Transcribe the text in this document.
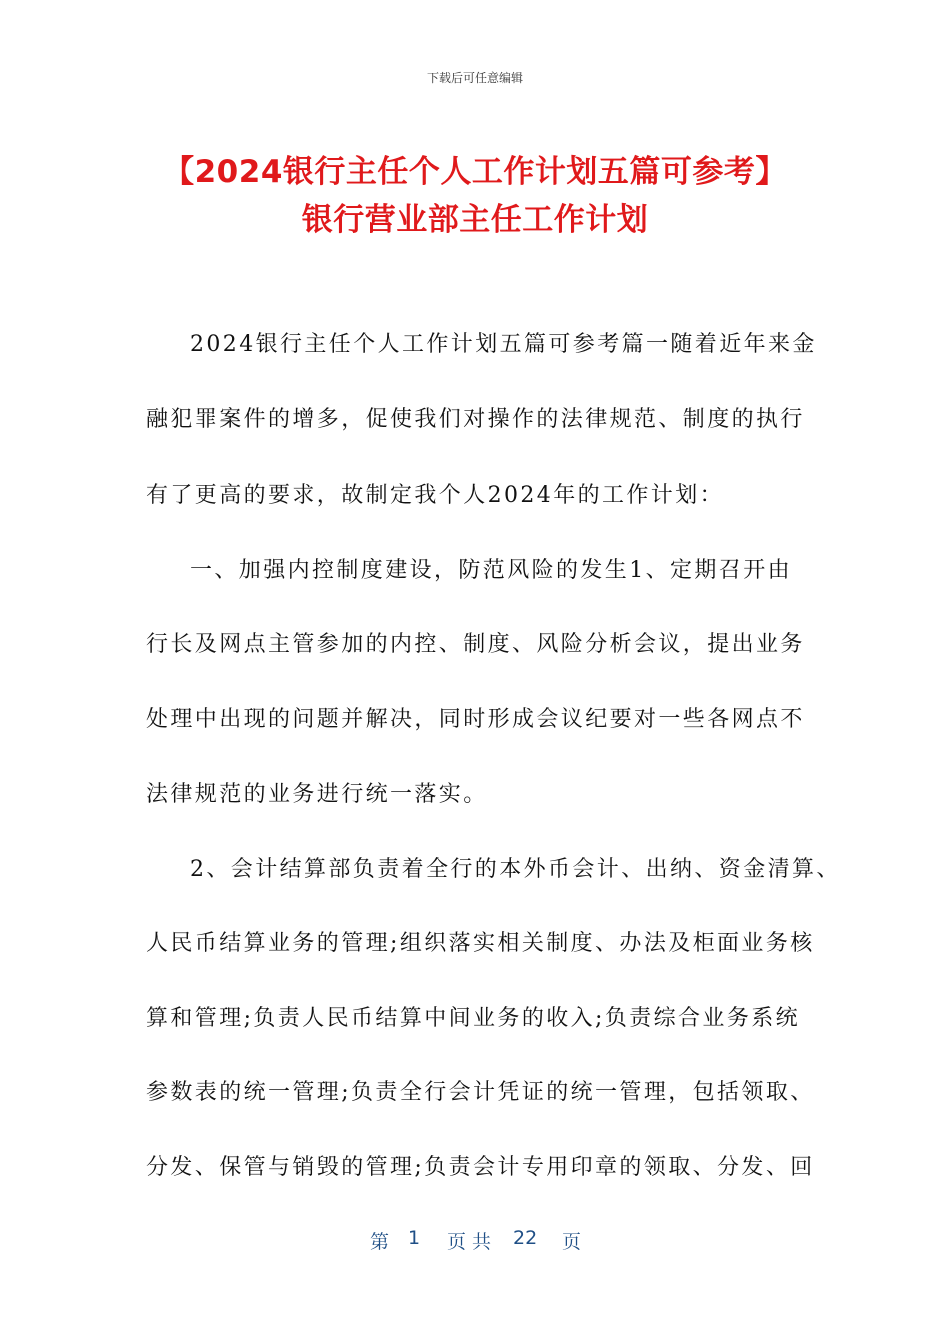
下载后可任意编辑
【2024银行主任个人工作计划五篇可参考】
银行营业部主任工作计划
2024银行主任个人工作计划五篇可参考篇一随着近年来金
融犯罪案件的增多，促使我们对操作的法律规范、制度的执行
有了更高的要求，故制定我个人2024年的工作计划：
一、加强内控制度建设，防范风险的发生1、定期召开由
行长及网点主管参加的内控、制度、风险分析会议，提出业务
处理中出现的问题并解决，同时形成会议纪要对一些各网点不
法律规范的业务进行统一落实。
2、会计结算部负责着全行的本外币会计、出纳、资金清算、
人民币结算业务的管理;组织落实相关制度、办法及柜面业务核
算和管理;负责人民币结算中间业务的收入;负责综合业务系统
参数表的统一管理;负责全行会计凭证的统一管理，包括领取、
分发、保管与销毁的管理;负责会计专用印章的领取、分发、回
第 1 页 共 22 页
